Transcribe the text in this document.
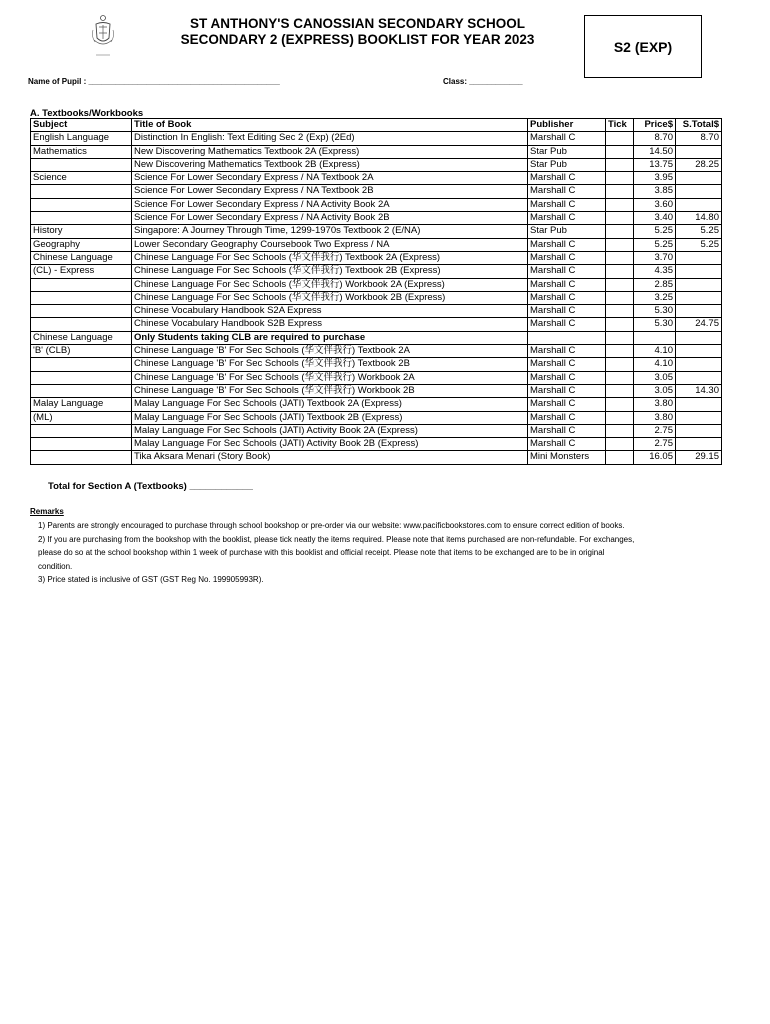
ST ANTHONY'S CANOSSIAN SECONDARY SCHOOL
SECONDARY 2 (EXPRESS) BOOKLIST FOR YEAR 2023	S2 (EXP)
Name of Pupil : ___________________________________________	Class: ____________
A. Textbooks/Workbooks
Subject	Title of Book	Publisher	Tick	Price$	S.Total$
English Language	Distinction In English: Text Editing Sec 2 (Exp) (2Ed)	Marshall C		8.70	8.70
Mathematics	New Discovering Mathematics Textbook 2A (Express)	Star Pub		14.50	
	New Discovering Mathematics Textbook 2B (Express)	Star Pub		13.75	28.25
Science	Science For Lower Secondary Express / NA Textbook 2A	Marshall C		3.95	
	Science For Lower Secondary Express / NA Textbook 2B	Marshall C		3.85	
	Science For Lower Secondary Express / NA Activity Book 2A	Marshall C		3.60	
	Science For Lower Secondary Express / NA Activity Book 2B	Marshall C		3.40	14.80
History	Singapore: A Journey Through Time, 1299-1970s Textbook 2 (E/NA)	Star Pub		5.25	5.25
Geography	Lower Secondary Geography Coursebook Two Express / NA	Marshall C		5.25	5.25
Chinese Language	Chinese Language For Sec Schools (华文伴我行) Textbook 2A (Express)	Marshall C		3.70	
(CL) - Express	Chinese Language For Sec Schools (华文伴我行) Textbook 2B (Express)	Marshall C		4.35	
	Chinese Language For Sec Schools (华文伴我行) Workbook 2A (Express)	Marshall C		2.85	
	Chinese Language For Sec Schools (华文伴我行) Workbook 2B (Express)	Marshall C		3.25	
	Chinese Vocabulary Handbook S2A Express	Marshall C		5.30	
	Chinese Vocabulary Handbook S2B Express	Marshall C		5.30	24.75
Chinese Language	Only Students taking CLB are required to purchase				
'B' (CLB)	Chinese Language 'B' For Sec Schools (华文伴我行) Textbook 2A	Marshall C		4.10	
	Chinese Language 'B' For Sec Schools (华文伴我行) Textbook 2B	Marshall C		4.10	
	Chinese Language 'B' For Sec Schools (华文伴我行) Workbook 2A	Marshall C		3.05	
	Chinese Language 'B' For Sec Schools (华文伴我行) Workbook 2B	Marshall C		3.05	14.30
Malay Language	Malay Language For Sec Schools (JATI) Textbook 2A (Express)	Marshall C		3.80	
(ML)	Malay Language For Sec Schools (JATI) Textbook 2B (Express)	Marshall C		3.80	
	Malay Language For Sec Schools (JATI) Activity Book 2A (Express)	Marshall C		2.75	
	Malay Language For Sec Schools (JATI) Activity Book 2B (Express)	Marshall C		2.75	
	Tika Aksara Menari (Story Book)	Mini Monsters		16.05	29.15
Total for Section A (Textbooks) ____________
Remarks

1) Parents are strongly encouraged to purchase through school bookshop or pre-order via our website: www.pacificbookstores.com to ensure correct edition of books.

2) If you are purchasing from the bookshop with the booklist, please tick neatly the items required. Please note that items purchased are non-refundable. For exchanges,

please do so at the school bookshop within 1 week of purchase with this booklist and official receipt. Please note that items to be exchanged are to be in original

condition.

3) Price stated is inclusive of GST (GST Reg No. 199905993R).
